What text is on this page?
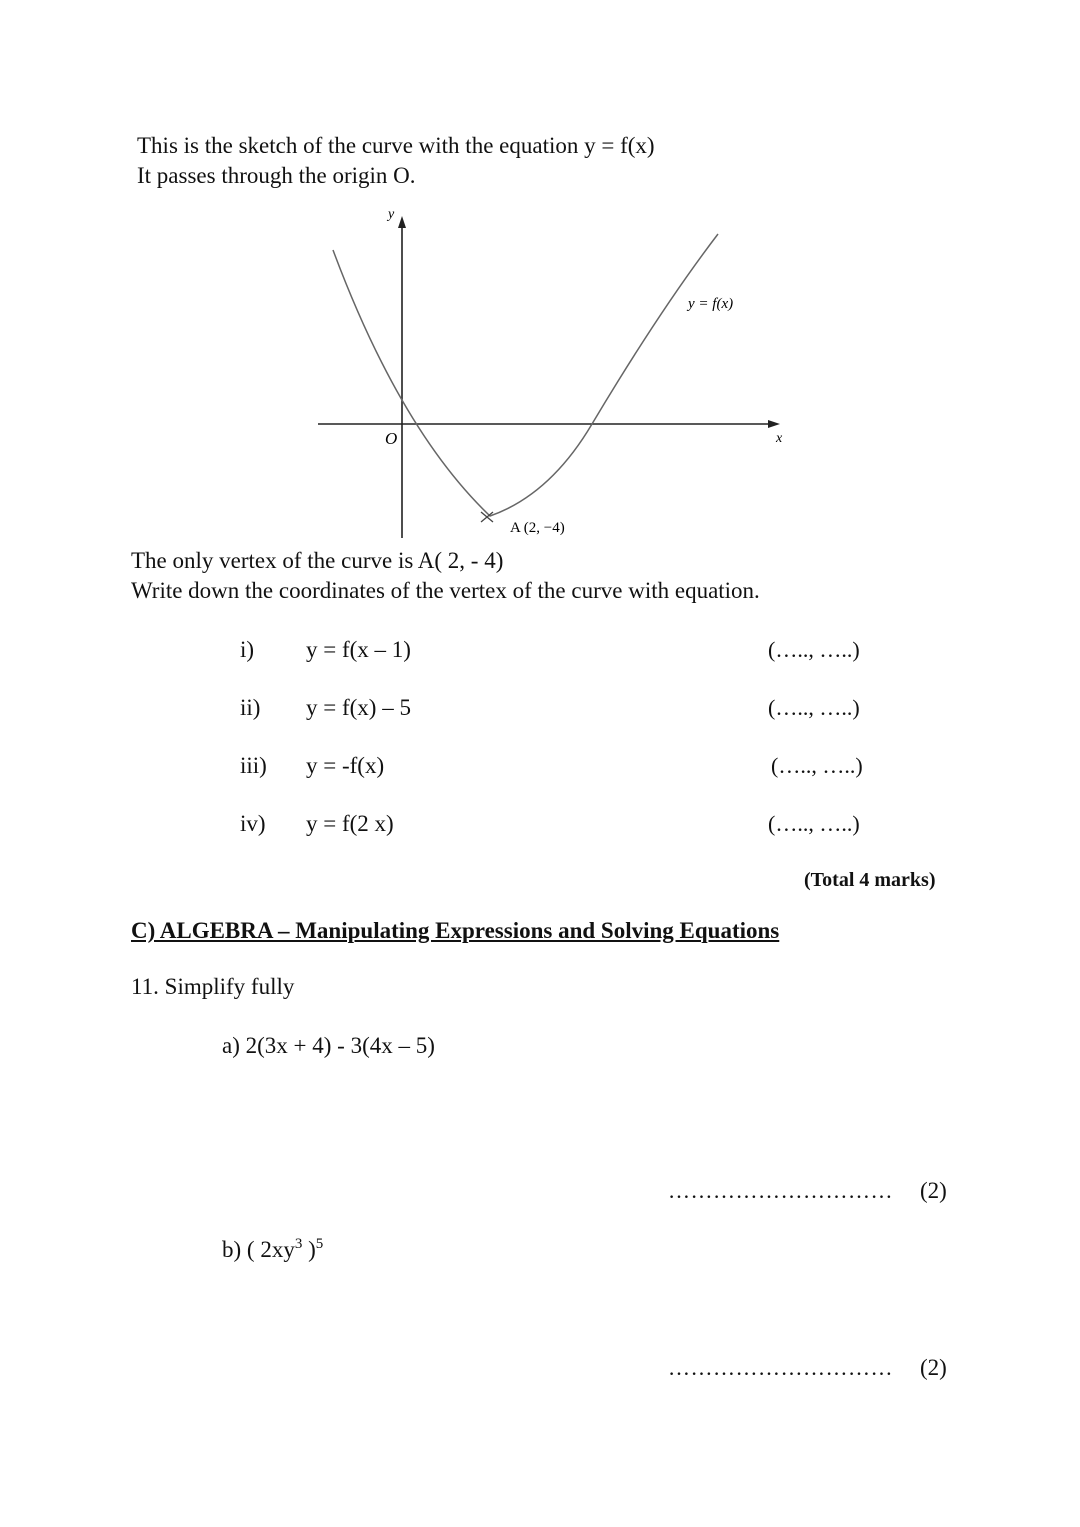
This is the sketch of the curve with the equation y = f(x)
It passes through the origin O.
y
x
O
y = f(x)
A (2, −4)
The only vertex of the curve is A( 2, - 4)
Write down the coordinates of the vertex of the curve with equation.
i) y = f(x – 1)	(….., …..)
ii) y = f(x) – 5	(….., …..)
iii) y = -f(x)	(….., …..)
iv) y = f(2 x)	(….., …..)
(Total 4 marks)
C) ALGEBRA – Manipulating Expressions and Solving Equations
11. Simplify fully
a) 2(3x + 4) - 3(4x – 5)
………………………… (2)
b) ( $2xy^3$ )$^5$
………………………… (2)
